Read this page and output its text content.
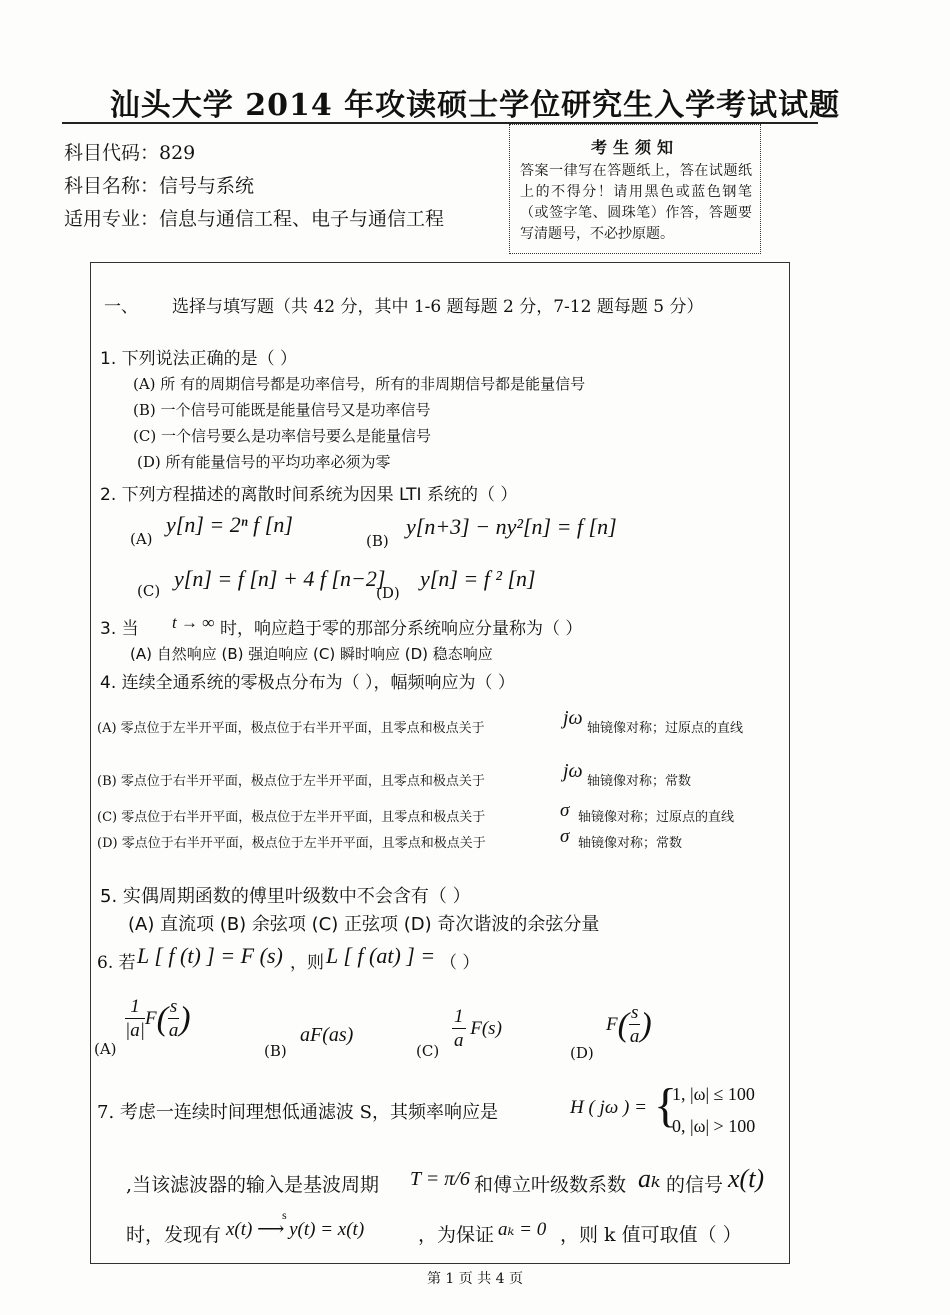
汕头大学 2014 年攻读硕士学位研究生入学考试试题
科目代码：829
科目名称：信号与系统
适用专业：信息与通信工程、电子与通信工程
考生须知
答案一律写在答题纸上，答在试题纸上的不得分！请用黑色或蓝色钢笔（或签字笔、圆珠笔）作答，答题要写清题号，不必抄原题。
一、 选择与填写题（共 42 分，其中 1-6 题每题 2 分，7-12 题每题 5 分）
1. 下列说法正确的是（ ）
(A) 所 有的周期信号都是功率信号，所有的非周期信号都是能量信号
(B) 一个信号可能既是能量信号又是功率信号
(C) 一个信号要么是功率信号要么是能量信号
(D) 所有能量信号的平均功率必须为零
2. 下列方程描述的离散时间系统为因果 LTI 系统的（ ）
(A)
y[n] = 2ⁿ f [n]
(B)
y[n+3] − ny²[n] = f [n]
(C) y[n] = f [n] + 4 f [n−2]
(D)
y[n] = f ² [n]
3. 当 t → ∞ 时，响应趋于零的那部分系统响应分量称为（ ）
(A) 自然响应 (B) 强迫响应 (C) 瞬时响应 (D) 稳态响应
4. 连续全通系统的零极点分布为（ ），幅频响应为（ ）
(A) 零点位于左半开平面，极点位于右半开平面，且零点和极点关于	jω 轴镜像对称；过原点的直线
(B) 零点位于右半开平面，极点位于左半开平面，且零点和极点关于	jω 轴镜像对称；常数
(C) 零点位于右半开平面，极点位于左半开平面，且零点和极点关于	σ 轴镜像对称；过原点的直线
(D) 零点位于右半开平面，极点位于左半开平面，且零点和极点关于	σ 轴镜像对称；常数
5. 实偶周期函数的傅里叶级数中不会含有（ ）
(A) 直流项 (B) 余弦项 (C) 正弦项 (D) 奇次谐波的余弦分量
6. 若 L [ f (t) ] = F (s) ，则 L [ f (at) ] = （ ）
(A)
$\frac{1}{|a|} F( \frac{s}{a}$ )
(B)
aF(as)
$(C) \frac{1}{a} F(s)$
(D)
$F( \frac{s}{a}$ )
7. 考虑一连续时间理想低通滤波 S，其频率响应是	H ( jω ) = {
1, |ω| ≤ 100
0, |ω| > 100
,当该滤波器的输入是基波周期 T = π/6 和傅立叶级数系数 aₖ 的信号 x(t)
时，发现有
s
x(t) ⟶ y(t) = x(t)	，为保证 aₖ = 0 ，则 k 值可取值（ ）
第 1 页 共 4 页
